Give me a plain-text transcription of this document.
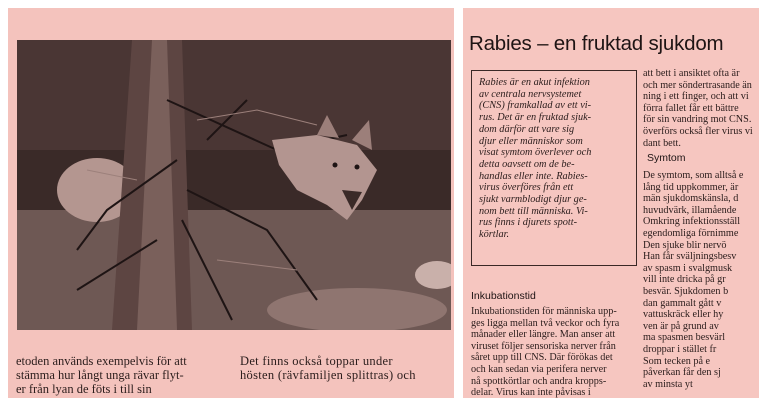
etoden används exempelvis för att
stämma hur långt unga rävar flyt-
er från lyan de föts i till sin
Det finns också toppar under
hösten (rävfamiljen splittras) och
Rabies – en fruktad sjukdom
Rabies är en akut infektion
av centrala nervsystemet
(CNS) framkallad av ett vi-
rus. Det är en fruktad sjuk-
dom därför att vare sig
djur eller människor som
visat symtom överlever och
detta oavsett om de be-
handlas eller inte. Rabies-
virus överföres från ett
sjukt varmblodigt djur ge-
nom bett till människa. Vi-
rus finns i djurets spott-
körtlar.
Inkubationstid
Inkubationstiden för människa upp-
ges ligga mellan två veckor och fyra
månader eller längre. Man anser att
viruset följer sensoriska nerver från
såret upp till CNS. Där förökas det
och kan sedan via perifera nerver
nå spottkörtlar och andra kropps-
delar. Virus kan inte påvisas i
att bett i ansiktet ofta är
och mer söndertrasande än
ning i ett finger, och att vi
förra fallet får ett bättre
för sin vandring mot CNS.
överförs också fler virus vi
dant bett.
Symtom
De symtom, som alltså e
lång tid uppkommer, är
män sjukdomskänsla, d
huvudvärk, illamående
Omkring infektionsställ
egendomliga förnimme
Den sjuke blir nervö
Han får sväljningsbesv
av spasm i svalgmusk
vill inte dricka på gr
besvär. Sjukdomen b
dan gammalt gått v
vattuskräck eller hy
ven är på grund av
ma spasmen besvärl
droppar i stället fr
Som tecken på e
påverkan får den sj
av minsta yt
